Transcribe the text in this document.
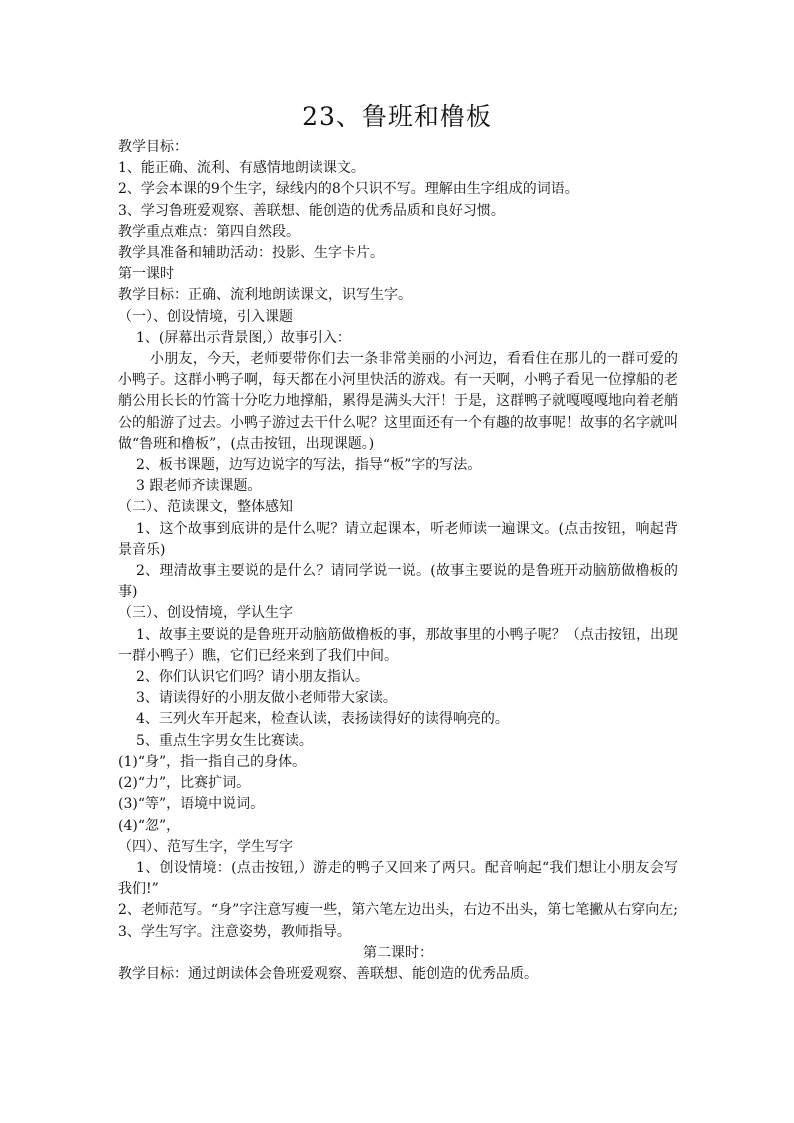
23、鲁班和橹板

教学目标：

1、能正确、流利、有感情地朗读课文。

2、学会本课的9个生字，绿线内的8个只识不写。理解由生字组成的词语。

3、学习鲁班爱观察、善联想、能创造的优秀品质和良好习惯。

教学重点难点：第四自然段。

教学具准备和辅助活动：投影、生字卡片。

第一课时

教学目标：正确、流利地朗读课文，识写生字。

（一）、创设情境，引入课题

1、(屏幕出示背景图,）故事引入：

小朋友，今天，老师要带你们去一条非常美丽的小河边，看看住在那儿的一群可爱的小鸭子。这群小鸭子啊，每天都在小河里快活的游戏。有一天啊，小鸭子看见一位撑船的老艄公用长长的竹篙十分吃力地撑船，累得是满头大汗！于是，这群鸭子就嘎嘎嘎地向着老艄公的船游了过去。小鸭子游过去干什么呢？这里面还有一个有趣的故事呢！故事的名字就叫做“鲁班和橹板”，(点击按钮，出现课题。)

2、板书课题，边写边说字的写法，指导“板”字的写法。

3 跟老师齐读课题。

（二）、范读课文，整体感知

1、这个故事到底讲的是什么呢？请立起课本，听老师读一遍课文。(点击按钮，响起背景音乐)

2、理清故事主要说的是什么？请同学说一说。(故事主要说的是鲁班开动脑筋做橹板的事)

（三）、创设情境，学认生字

1、故事主要说的是鲁班开动脑筋做橹板的事，那故事里的小鸭子呢？（点击按钮，出现一群小鸭子）瞧，它们已经来到了我们中间。

2、你们认识它们吗？请小朋友指认。

3、请读得好的小朋友做小老师带大家读。

4、三列火车开起来，检查认读，表扬读得好的读得响亮的。

5、重点生字男女生比赛读。

(1)“身”，指一指自己的身体。

(2)“力”，比赛扩词。

(3)“等”，语境中说词。

(4)“忽”，

（四）、范写生字，学生写字

1、创设情境：(点击按钮,）游走的鸭子又回来了两只。配音响起“我们想让小朋友会写我们!”

2、老师范写。“身”字注意写瘦一些，第六笔左边出头，右边不出头，第七笔撇从右穿向左;

3、学生写字。注意姿势，教师指导。

第二课时：

教学目标：通过朗读体会鲁班爱观察、善联想、能创造的优秀品质。
